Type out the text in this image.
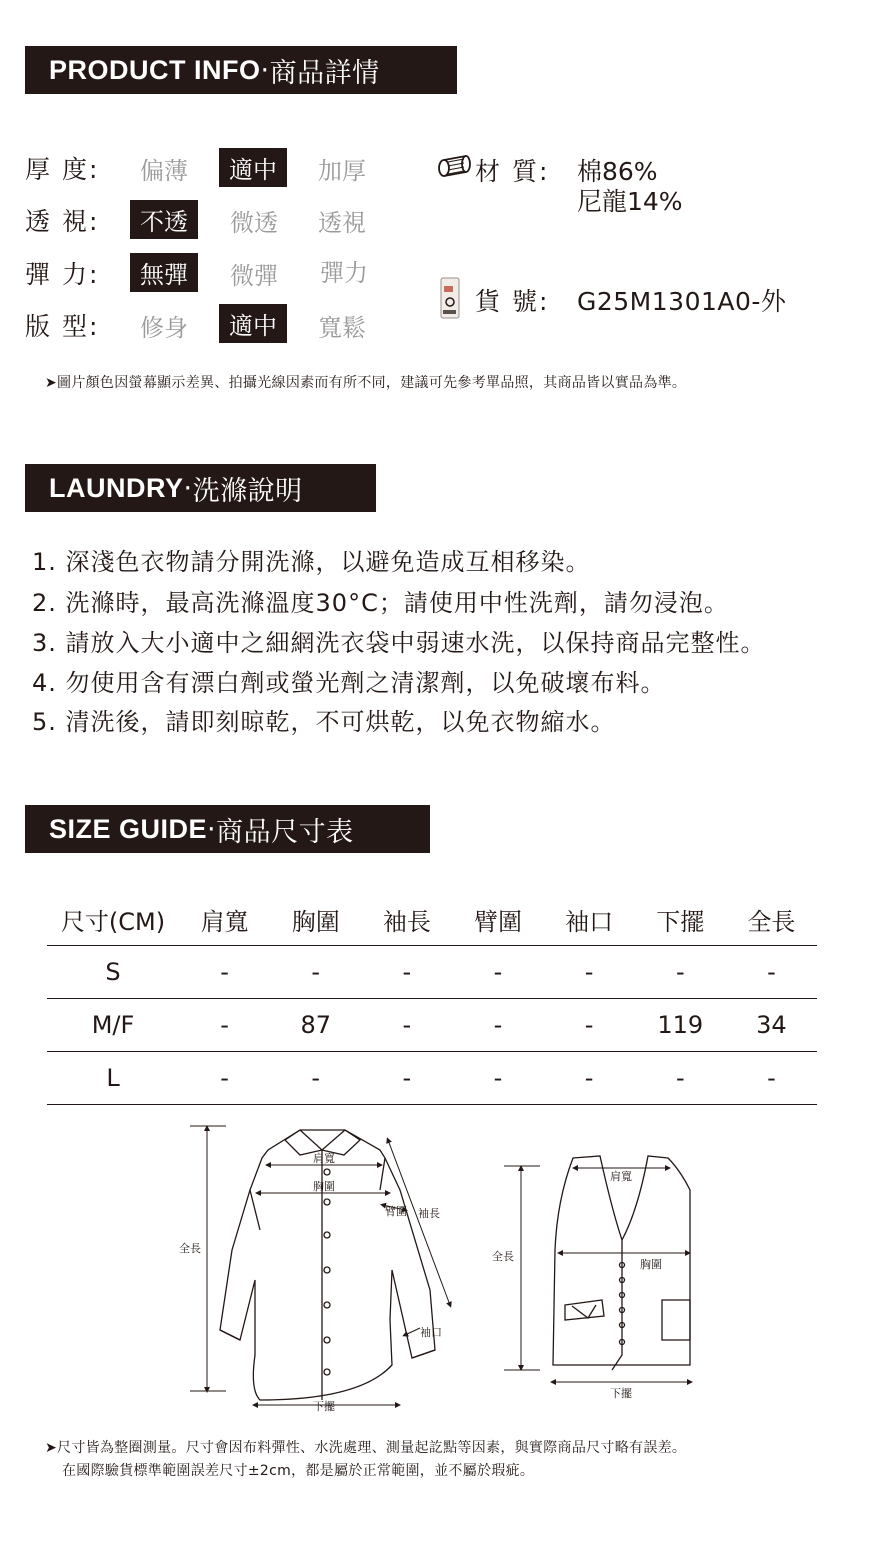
PRODUCT INFO · 商品詳情
厚 度: 偏薄	適中	加厚
透 視:	不透	微透 透視
彈 力:	無彈	微彈 彈力
版 型: 修身	適中	寬鬆
材 質: 棉86%
尼龍14%
貨 號: G25M1301A0-外
➤圖片顏色因螢幕顯示差異、拍攝光線因素而有所不同，建議可先參考單品照，其商品皆以實品為準。
LAUNDRY · 洗滌說明
1. 深淺色衣物請分開洗滌，以避免造成互相移染。
2. 洗滌時，最高洗滌溫度30°C；請使用中性洗劑，請勿浸泡。
3. 請放入大小適中之細網洗衣袋中弱速水洗，以保持商品完整性。
4. 勿使用含有漂白劑或螢光劑之清潔劑，以免破壞布料。
5. 清洗後，請即刻晾乾，不可烘乾，以免衣物縮水。
SIZE GUIDE · 商品尺寸表
尺寸(CM)	肩寬	胸圍	袖長	臂圍	袖口	下擺	全長
S	-	-	-	-	-	-	-
M/F	-	87	-	-	-	119	34
L	-	-	-	-	-	-	-
肩寬
胸圍
臂圍 袖長
全長
袖口
下擺
肩寬
胸圍
全長
下擺
➤尺寸皆為整圈測量。尺寸會因布料彈性、水洗處理、測量起訖點等因素，與實際商品尺寸略有誤差。
在國際驗貨標準範圍誤差尺寸±2cm，都是屬於正常範圍，並不屬於瑕疵。
